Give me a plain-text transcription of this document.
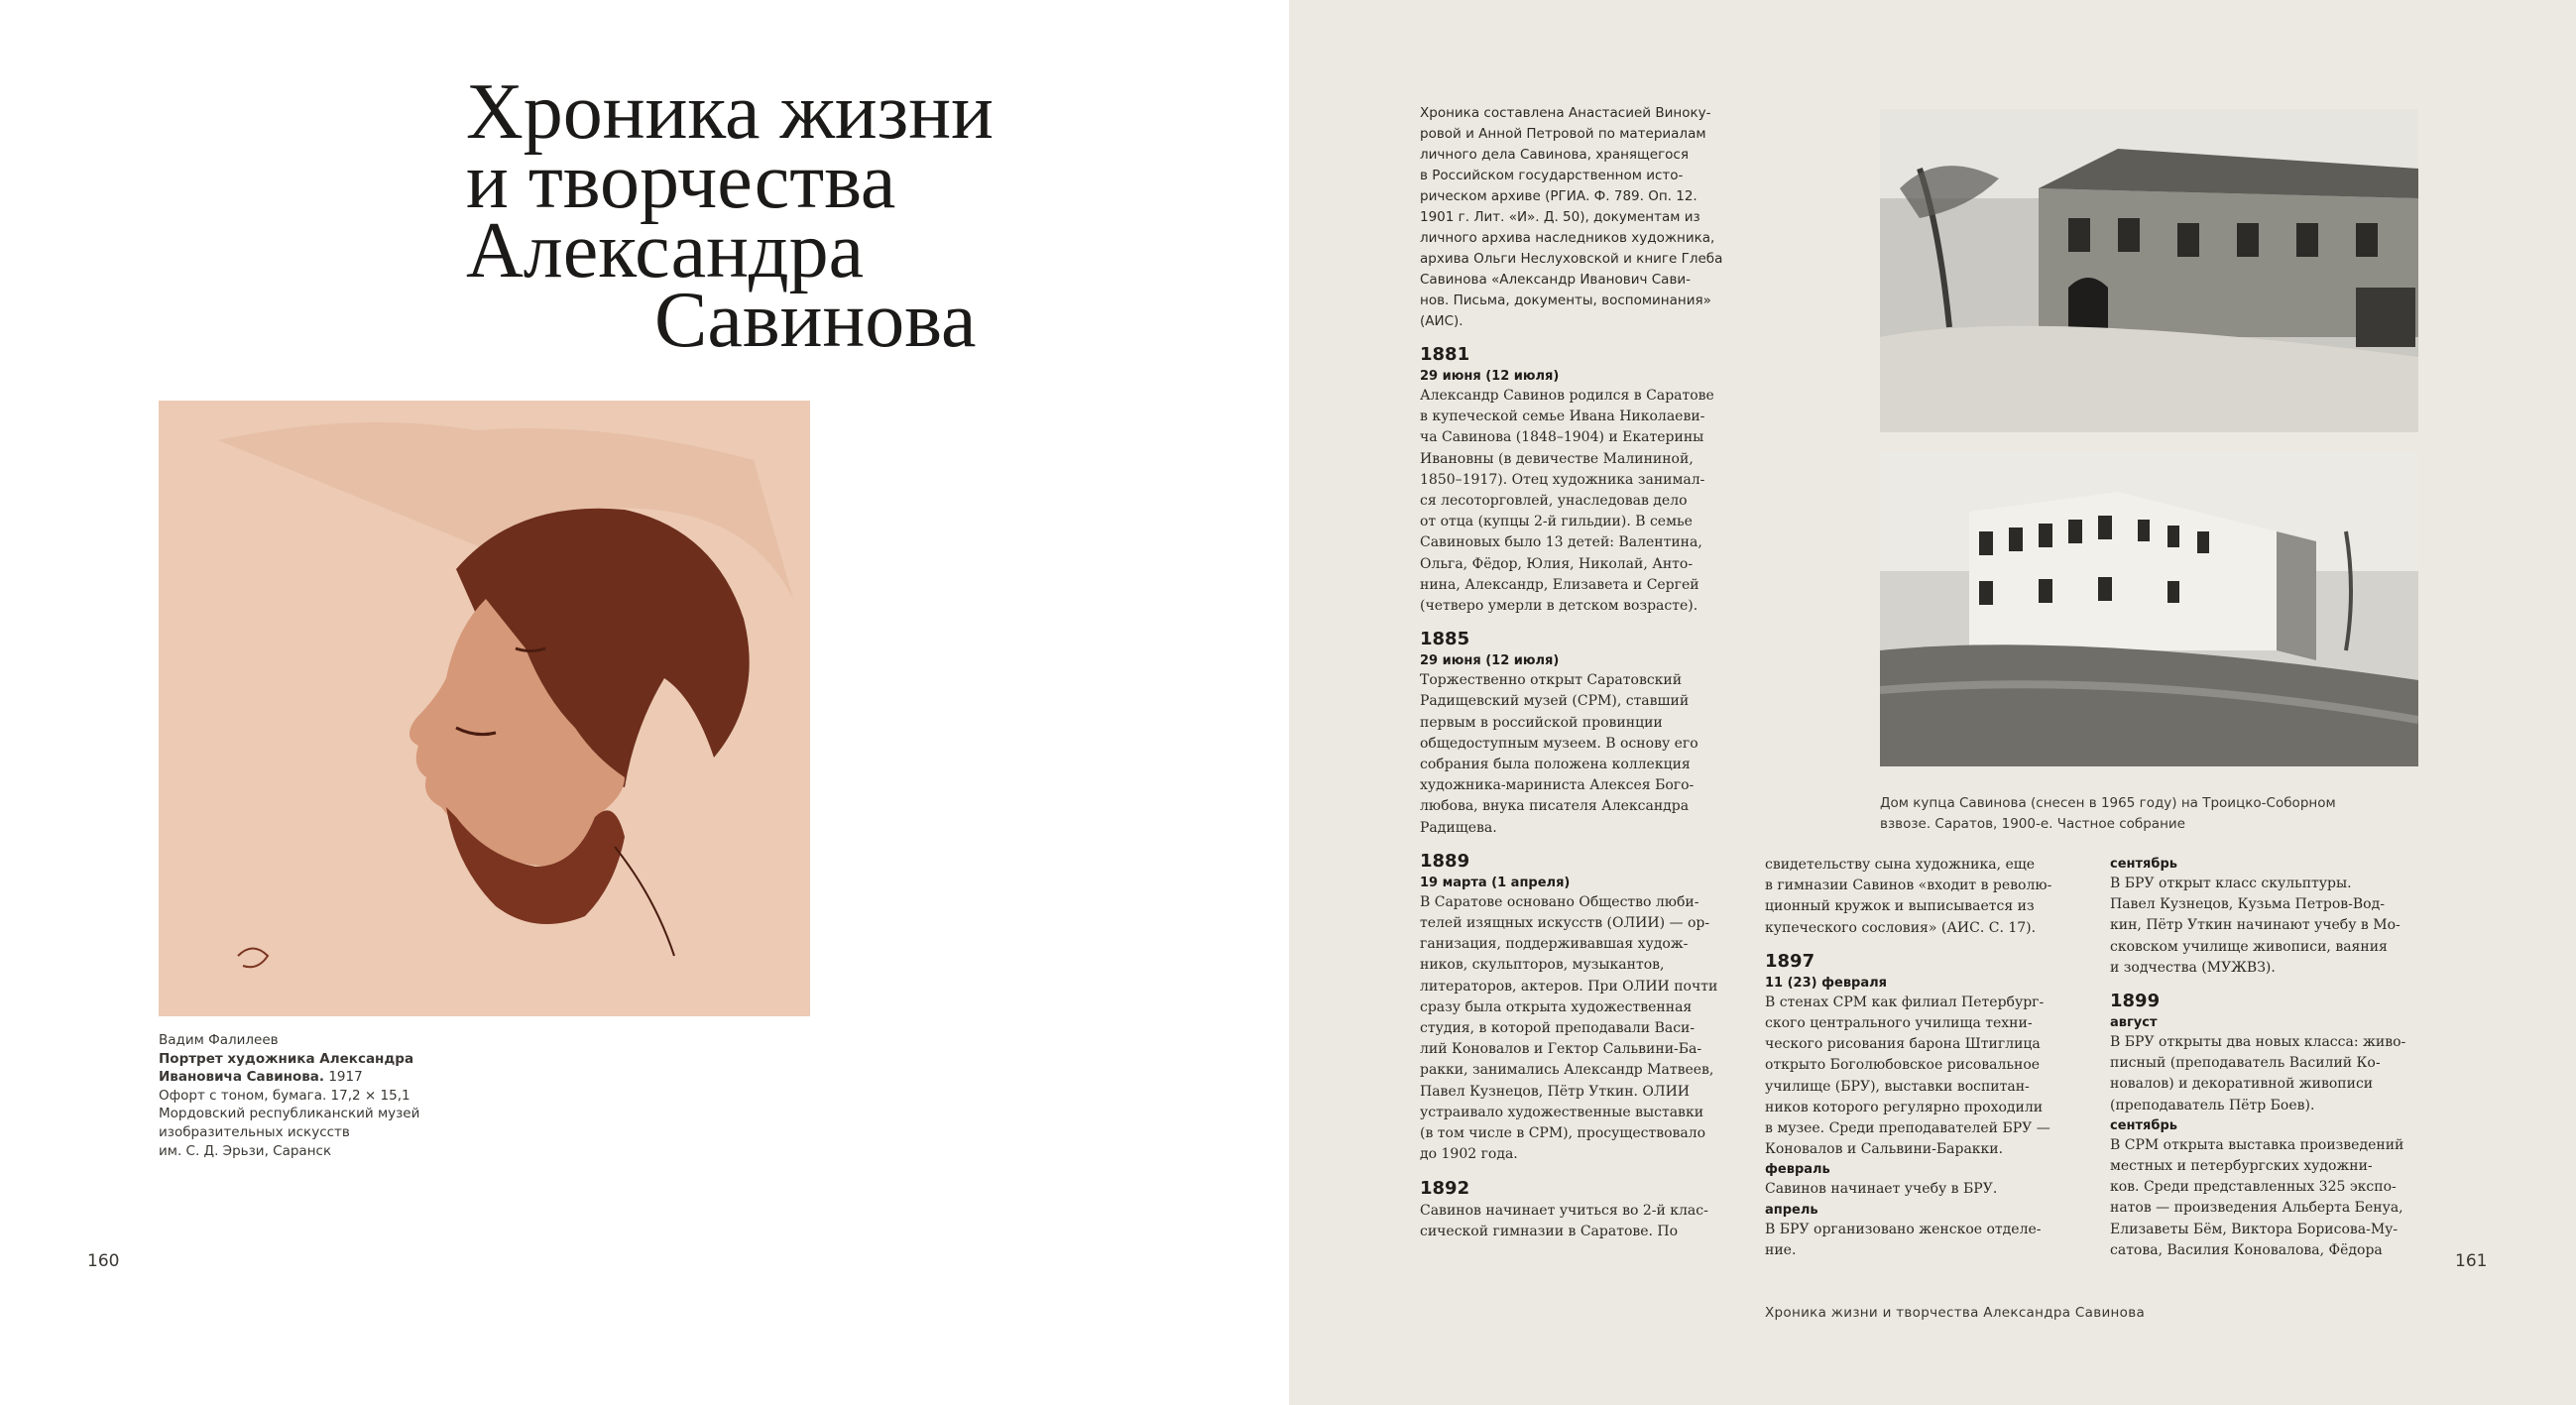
Хроника жизни
и творчества
Александра
Савинова
Вадим Фалилеев
Портрет художника Александра
Ивановича Савинова. 1917
Офорт с тоном, бумага. 17,2 × 15,1
Мордовский республиканский музей
изобразительных искусств
им. С. Д. Эрьзи, Саранск
160

Хроника составлена Анастасией Виноку-

ровой и Анной Петровой по материалам

личного дела Савинова, хранящегося

в Российском государственном исто-

рическом архиве (РГИА. Ф. 789. Оп. 12.

1901 г. Лит. «И». Д. 50), документам из

личного архива наследников художника,

архива Ольги Неслуховской и книге Глеба

Савинова «Александр Иванович Сави-

нов. Письма, документы, воспоминания»

(АИС).

1881
29 июня (12 июля)

Александр Савинов родился в Саратове

в купеческой семье Ивана Николаеви-

ча Савинова (1848–1904) и Екатерины

Ивановны (в девичестве Малининой,

1850–1917). Отец художника занимал-

ся лесоторговлей, унаследовав дело

от отца (купцы 2-й гильдии). В семье

Савиновых было 13 детей: Валентина,

Ольга, Фёдор, Юлия, Николай, Анто-

нина, Александр, Елизавета и Сергей

(четверо умерли в детском возрасте).

1885
29 июня (12 июля)

Торжественно открыт Саратовский

Радищевский музей (СРМ), ставший

первым в российской провинции

общедоступным музеем. В основу его

собрания была положена коллекция

художника-мариниста Алексея Бого-

любова, внука писателя Александра

Радищева.

1889
19 марта (1 апреля)

В Саратове основано Общество люби-

телей изящных искусств (ОЛИИ) — ор-

ганизация, поддерживавшая худож-

ников, скульпторов, музыкантов,

литераторов, актеров. При ОЛИИ почти

сразу была открыта художественная

студия, в которой преподавали Васи-

лий Коновалов и Гектор Сальвини-Ба-

ракки, занимались Александр Матвеев,

Павел Кузнецов, Пётр Уткин. ОЛИИ

устраивало художественные выставки

(в том числе в СРМ), просуществовало

до 1902 года.

1892

Савинов начинает учиться во 2-й клас-

сической гимназии в Саратове. По

Дом купца Савинова (снесен в 1965 году) на Троицко-Соборном
взвозе. Саратов, 1900-е. Частное собрание

свидетельству сына художника, еще

в гимназии Савинов «входит в револю-

ционный кружок и выписывается из

купеческого сословия» (АИС. С. 17).

1897
11 (23) февраля

В стенах СРМ как филиал Петербург-

ского центрального училища техни-

ческого рисования барона Штиглица

открыто Боголюбовское рисовальное

училище (БРУ), выставки воспитан-

ников которого регулярно проходили

в музее. Среди преподавателей БРУ —

Коновалов и Сальвини-Баракки.

февраль

Савинов начинает учебу в БРУ.

апрель

В БРУ организовано женское отделе-

ние.

сентябрь

В БРУ открыт класс скульптуры.

Павел Кузнецов, Кузьма Петров-Вод-

кин, Пётр Уткин начинают учебу в Мо-

сковском училище живописи, ваяния

и зодчества (МУЖВЗ).

1899
август

В БРУ открыты два новых класса: живо-

писный (преподаватель Василий Ко-

новалов) и декоративной живописи

(преподаватель Пётр Боев).

сентябрь

В СРМ открыта выставка произведений

местных и петербургских художни-

ков. Среди представленных 325 экспо-

натов — произведения Альберта Бенуа,

Елизаветы Бём, Виктора Борисова-Му-

сатова, Василия Коновалова, Фёдора

161
Хроника жизни и творчества Александра Савинова
